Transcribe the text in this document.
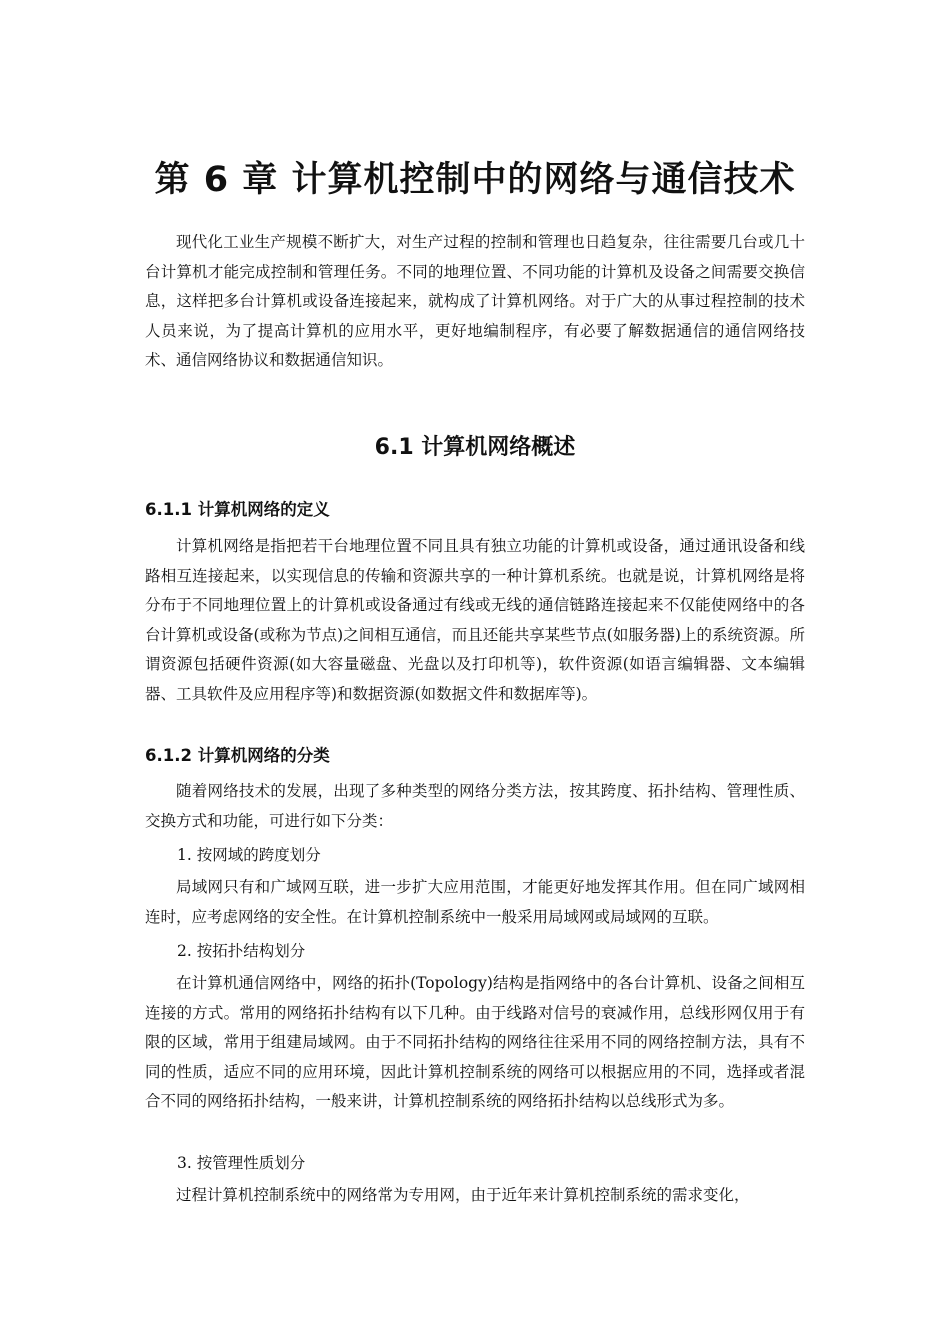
第 6 章 计算机控制中的网络与通信技术

现代化工业生产规模不断扩大，对生产过程的控制和管理也日趋复杂，往往需要几台或几十台计算机才能完成控制和管理任务。不同的地理位置、不同功能的计算机及设备之间需要交换信息，这样把多台计算机或设备连接起来，就构成了计算机网络。对于广大的从事过程控制的技术人员来说，为了提高计算机的应用水平，更好地编制程序，有必要了解数据通信的通信网络技术、通信网络协议和数据通信知识。

6.1 计算机网络概述
6.1.1 计算机网络的定义

计算机网络是指把若干台地理位置不同且具有独立功能的计算机或设备，通过通讯设备和线路相互连接起来，以实现信息的传输和资源共享的一种计算机系统。也就是说，计算机网络是将分布于不同地理位置上的计算机或设备通过有线或无线的通信链路连接起来不仅能使网络中的各台计算机或设备(或称为节点)之间相互通信，而且还能共享某些节点(如服务器)上的系统资源。所谓资源包括硬件资源(如大容量磁盘、光盘以及打印机等)，软件资源(如语言编辑器、文本编辑器、工具软件及应用程序等)和数据资源(如数据文件和数据库等)。

6.1.2 计算机网络的分类

随着网络技术的发展，出现了多种类型的网络分类方法，按其跨度、拓扑结构、管理性质、交换方式和功能，可进行如下分类：

1. 按网域的跨度划分

局域网只有和广域网互联，进一步扩大应用范围，才能更好地发挥其作用。但在同广域网相连时，应考虑网络的安全性。在计算机控制系统中一般采用局域网或局域网的互联。

2. 按拓扑结构划分

在计算机通信网络中，网络的拓扑(Topology)结构是指网络中的各台计算机、设备之间相互连接的方式。常用的网络拓扑结构有以下几种。由于线路对信号的衰减作用，总线形网仅用于有限的区域，常用于组建局域网。由于不同拓扑结构的网络往往采用不同的网络控制方法，具有不同的性质，适应不同的应用环境，因此计算机控制系统的网络可以根据应用的不同，选择或者混合不同的网络拓扑结构，一般来讲，计算机控制系统的网络拓扑结构以总线形式为多。

3. 按管理性质划分

过程计算机控制系统中的网络常为专用网，由于近年来计算机控制系统的需求变化，
